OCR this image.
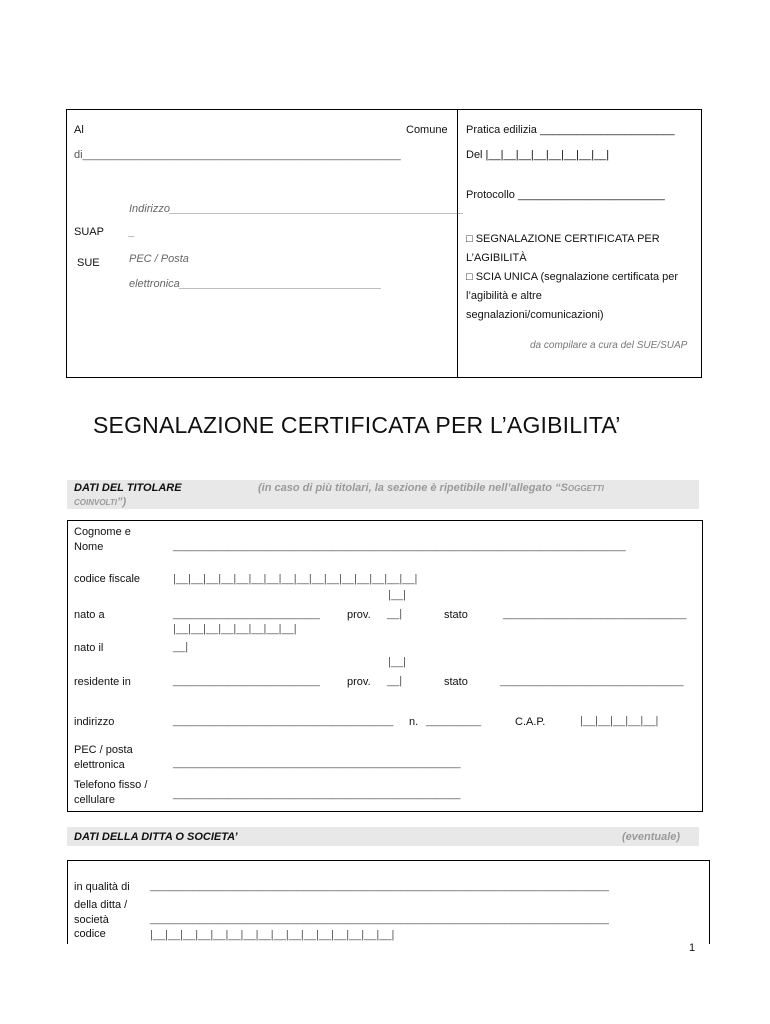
Al	Comune
di____________________________________________________
Indirizzo________________________________________________
SUAP _
PEC / Posta
SUE
elettronica_________________________________
Pratica edilizia ______________________
Del |__|__|__|__|__|__|__|__|
Protocollo ________________________
□ SEGNALAZIONE CERTIFICATA PER
L’AGIBILITÀ
□ SCIA UNICA (segnalazione certificata per
l’agibilità e altre
segnalazioni/comunicazioni)
da compilare a cura del SUE/SUAP
SEGNALAZIONE CERTIFICATA PER L’AGIBILITA’
DATI DEL TITOLARE	(in caso di più titolari, la sezione è ripetibile nell’allegato “SOGGETTI
COINVOLTI”)
Cognome e
Nome	__________________________________________________________________________
codice fiscale	|__|__|__|__|__|__|__|__|__|__|__|__|__|__|__|__|
|__|
nato a	________________________ prov. __|	stato	______________________________
|__|__|__|__|__|__|__|__|
nato il	__|
|__|
residente in	________________________ prov. __|	stato	______________________________
indirizzo	____________________________________ n. _________	C.A.P.	|__|__|__|__|__|
PEC / posta
elettronica	_______________________________________________
Telefono fisso /
cellulare	_______________________________________________
DATI DELLA DITTA O SOCIETA’	(eventuale)
in qualità di ___________________________________________________________________________
della ditta /
società	___________________________________________________________________________
codice	|__|__|__|__|__|__|__|__|__|__|__|__|__|__|__|__|
1
